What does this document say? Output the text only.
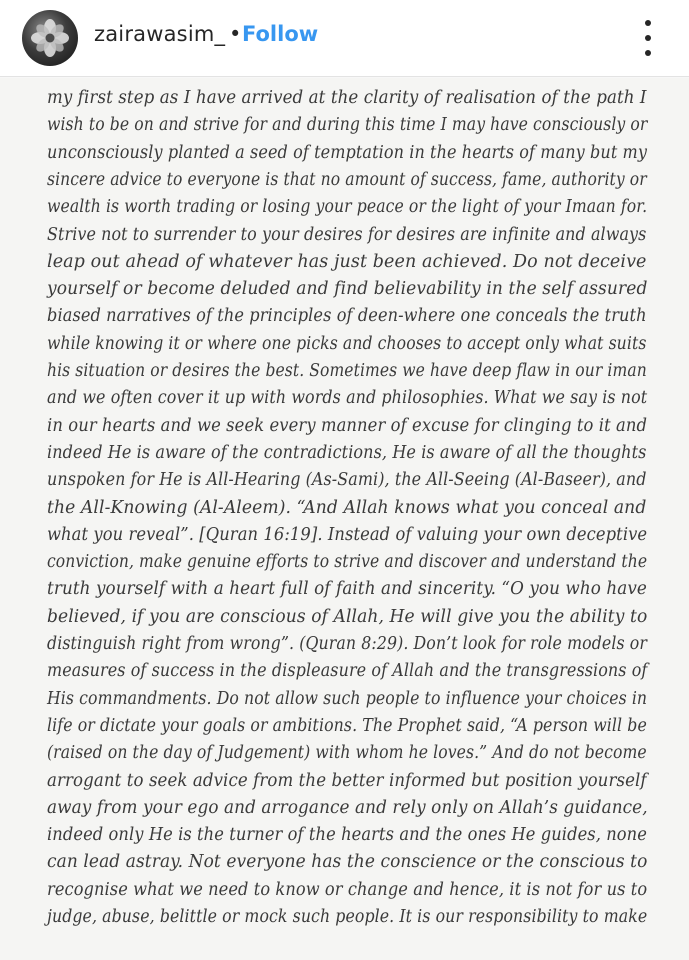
zairawasim_ • Follow
my first step as I have arrived at the clarity of realisation of the path I
wish to be on and strive for and during this time I may have consciously or
unconsciously planted a seed of temptation in the hearts of many but my
sincere advice to everyone is that no amount of success, fame, authority or
wealth is worth trading or losing your peace or the light of your Imaan for.
Strive not to surrender to your desires for desires are infinite and always
leap out ahead of whatever has just been achieved. Do not deceive
yourself or become deluded and find believability in the self assured
biased narratives of the principles of deen-where one conceals the truth
while knowing it or where one picks and chooses to accept only what suits
his situation or desires the best. Sometimes we have deep flaw in our iman
and we often cover it up with words and philosophies. What we say is not
in our hearts and we seek every manner of excuse for clinging to it and
indeed He is aware of the contradictions, He is aware of all the thoughts
unspoken for He is All-Hearing (As-Sami), the All-Seeing (Al-Baseer), and
the All-Knowing (Al-Aleem). “And Allah knows what you conceal and
what you reveal”. [Quran 16:19]. Instead of valuing your own deceptive
conviction, make genuine efforts to strive and discover and understand the
truth yourself with a heart full of faith and sincerity. “O you who have
believed, if you are conscious of Allah, He will give you the ability to
distinguish right from wrong”. (Quran 8:29). Don’t look for role models or
measures of success in the displeasure of Allah and the transgressions of
His commandments. Do not allow such people to influence your choices in
life or dictate your goals or ambitions. The Prophet said, “A person will be
(raised on the day of Judgement) with whom he loves.” And do not become
arrogant to seek advice from the better informed but position yourself
away from your ego and arrogance and rely only on Allah’s guidance,
indeed only He is the turner of the hearts and the ones He guides, none
can lead astray. Not everyone has the conscience or the conscious to
recognise what we need to know or change and hence, it is not for us to
judge, abuse, belittle or mock such people. It is our responsibility to make
